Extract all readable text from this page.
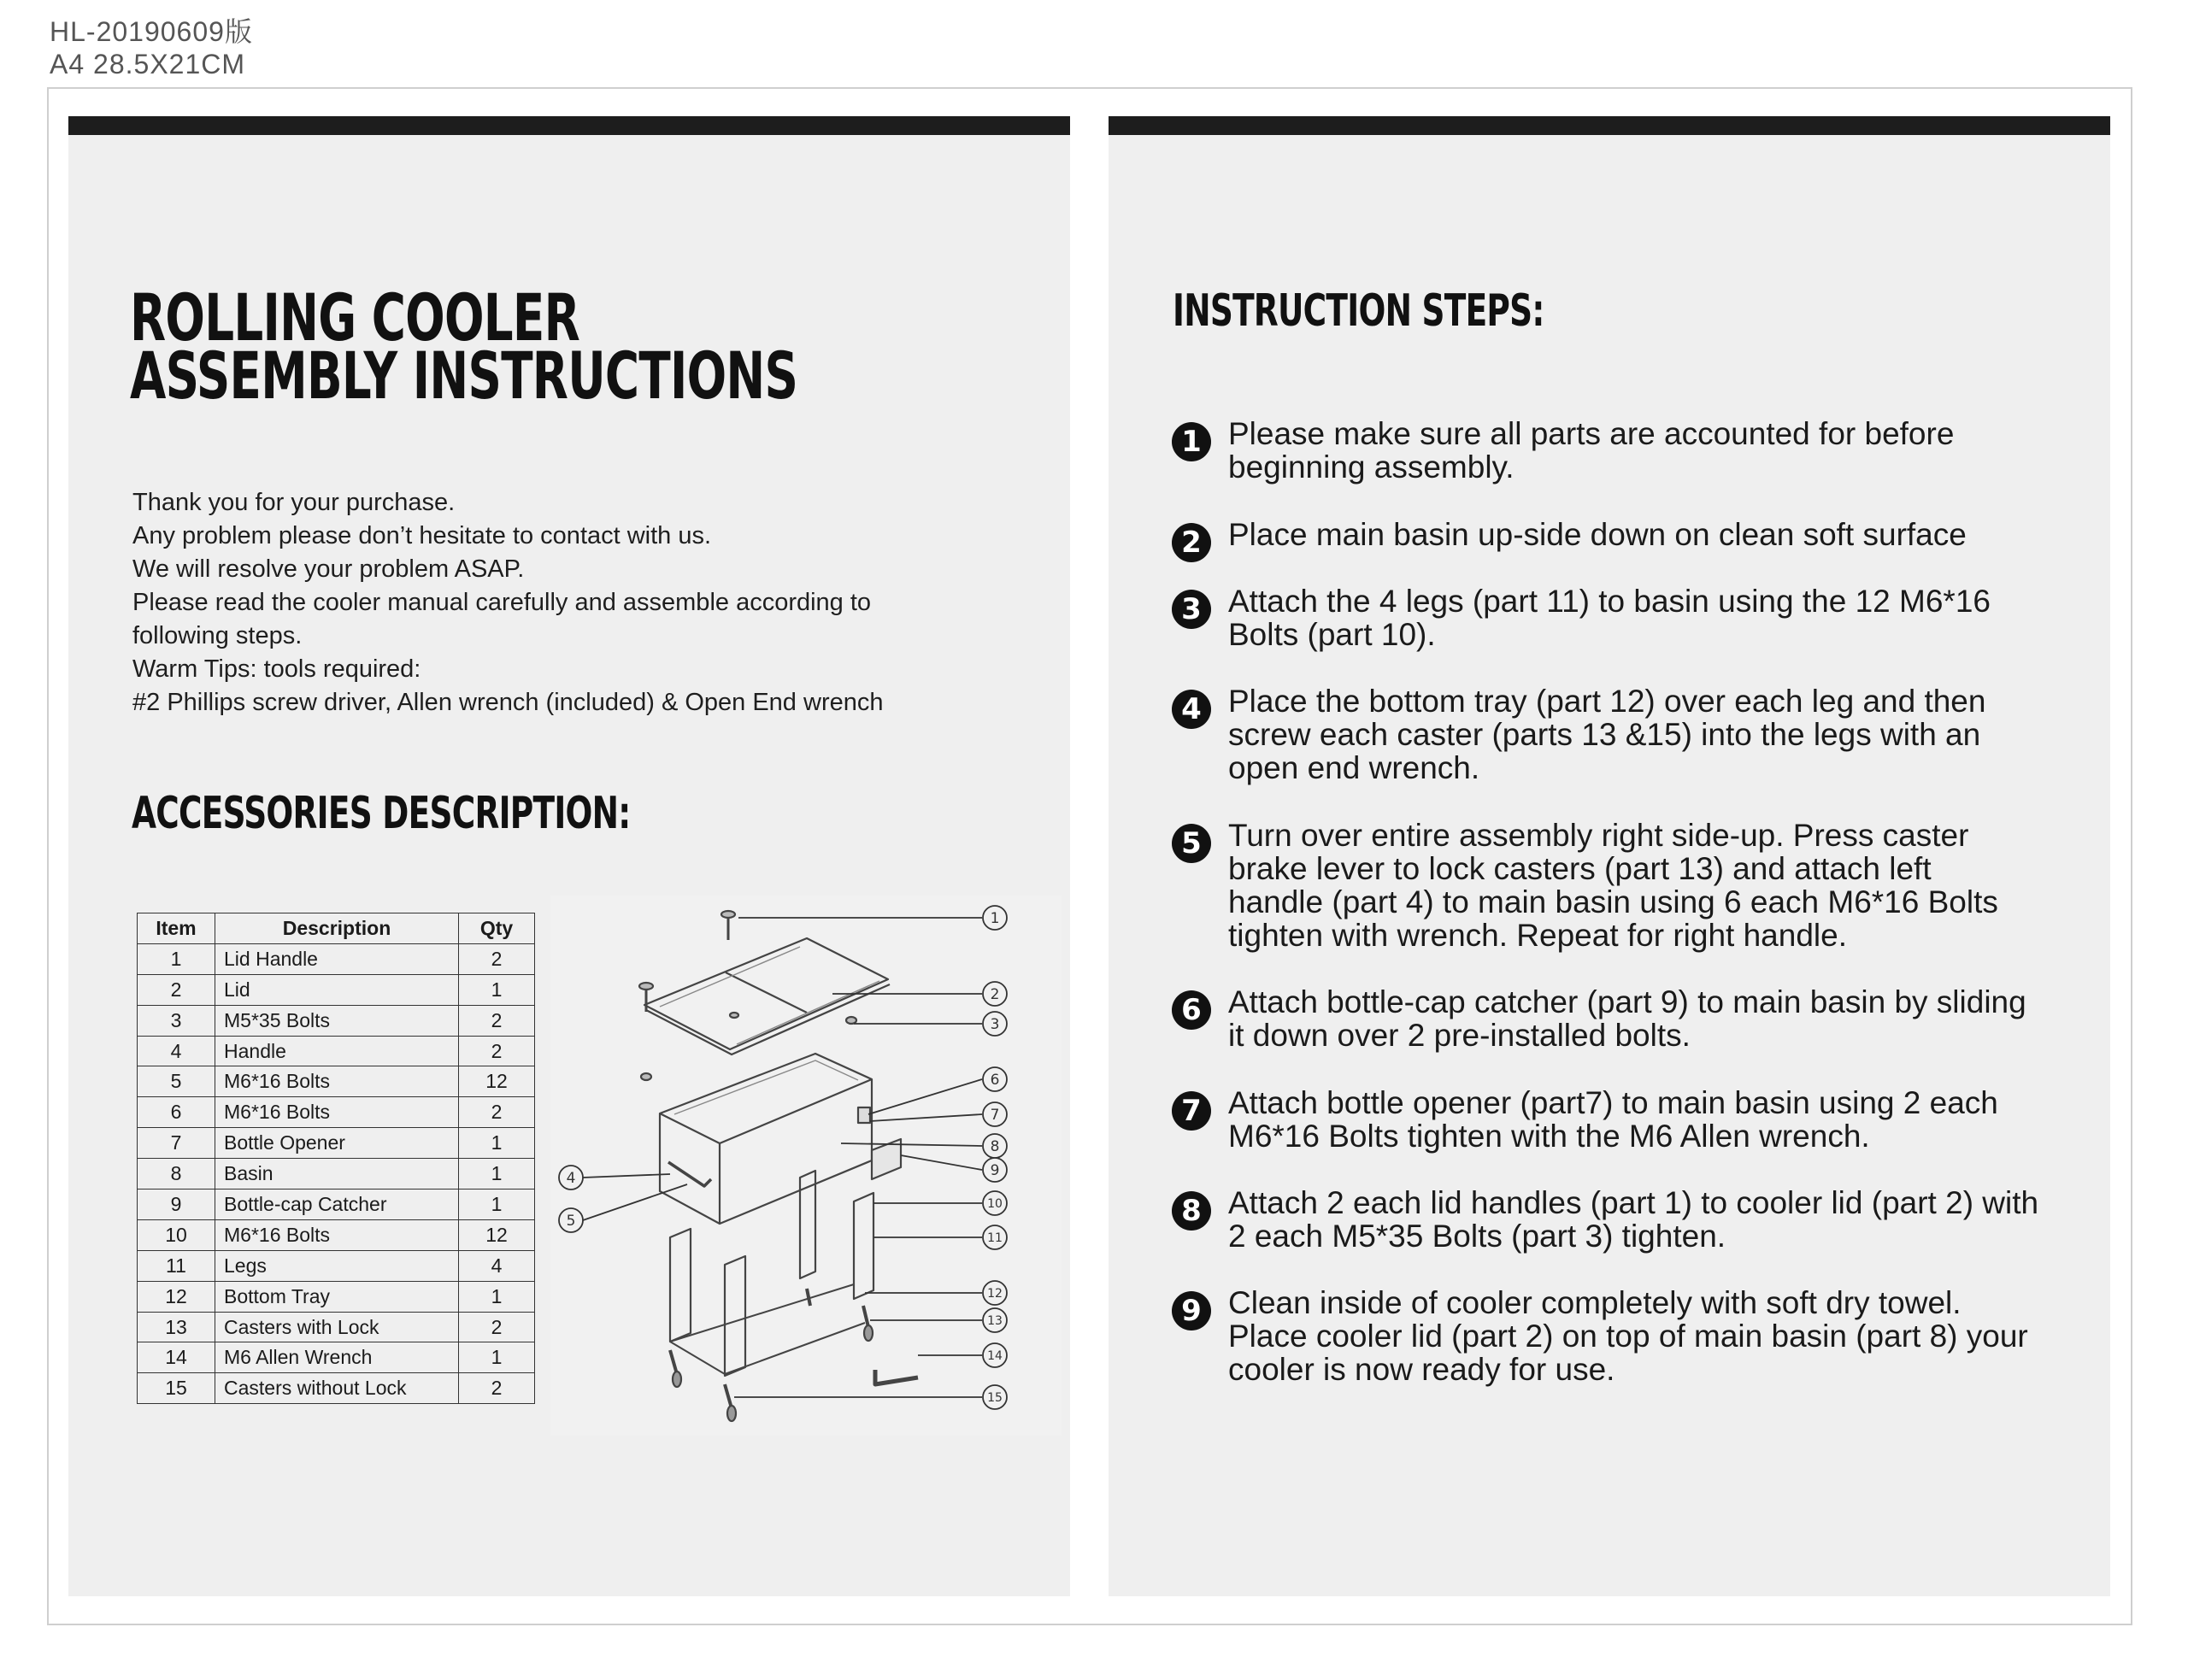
HL-20190609版
A4 28.5X21CM
ROLLING COOLER
ASSEMBLY INSTRUCTIONS
Thank you for your purchase.
Any problem please don’t hesitate to contact with us.
We will resolve your problem ASAP.
Please read the cooler manual carefully and assemble according to
following steps.
Warm Tips: tools required:
#2 Phillips screw driver, Allen wrench (included) & Open End wrench
ACCESSORIES DESCRIPTION:
Item	Description	Qty
1	Lid Handle	2
2	Lid	1
3	M5*35 Bolts	2
4	Handle	2
5	M6*16 Bolts	12
6	M6*16 Bolts	2
7	Bottle Opener	1
8	Basin	1
9	Bottle-cap Catcher	1
10	M6*16 Bolts	12
11	Legs	4
12	Bottom Tray	1
13	Casters with Lock	2
14	M6 Allen Wrench	1
15	Casters without Lock	2
1
2
3
4
5
6
7
8
9
10
11
12
13
14
15
INSTRUCTION STEPS:
1 Please make sure all parts are accounted for before
beginning assembly.
2 Place main basin up-side down on clean soft surface
3 Attach the 4 legs (part 11) to basin using the 12 M6*16
Bolts (part 10).
4 Place the bottom tray (part 12) over each leg and then
screw each caster (parts 13 &15) into the legs with an
open end wrench.
5 Turn over entire assembly right side-up. Press caster
brake lever to lock casters (part 13) and attach left
handle (part 4) to main basin using 6 each M6*16 Bolts
tighten with wrench. Repeat for right handle.
6 Attach bottle-cap catcher (part 9) to main basin by sliding
it down over 2 pre-installed bolts.
7 Attach bottle opener (part7) to main basin using 2 each
M6*16 Bolts tighten with the M6 Allen wrench.
8 Attach 2 each lid handles (part 1) to cooler lid (part 2) with
2 each M5*35 Bolts (part 3) tighten.
9 Clean inside of cooler completely with soft dry towel.
Place cooler lid (part 2) on top of main basin (part 8) your
cooler is now ready for use.
